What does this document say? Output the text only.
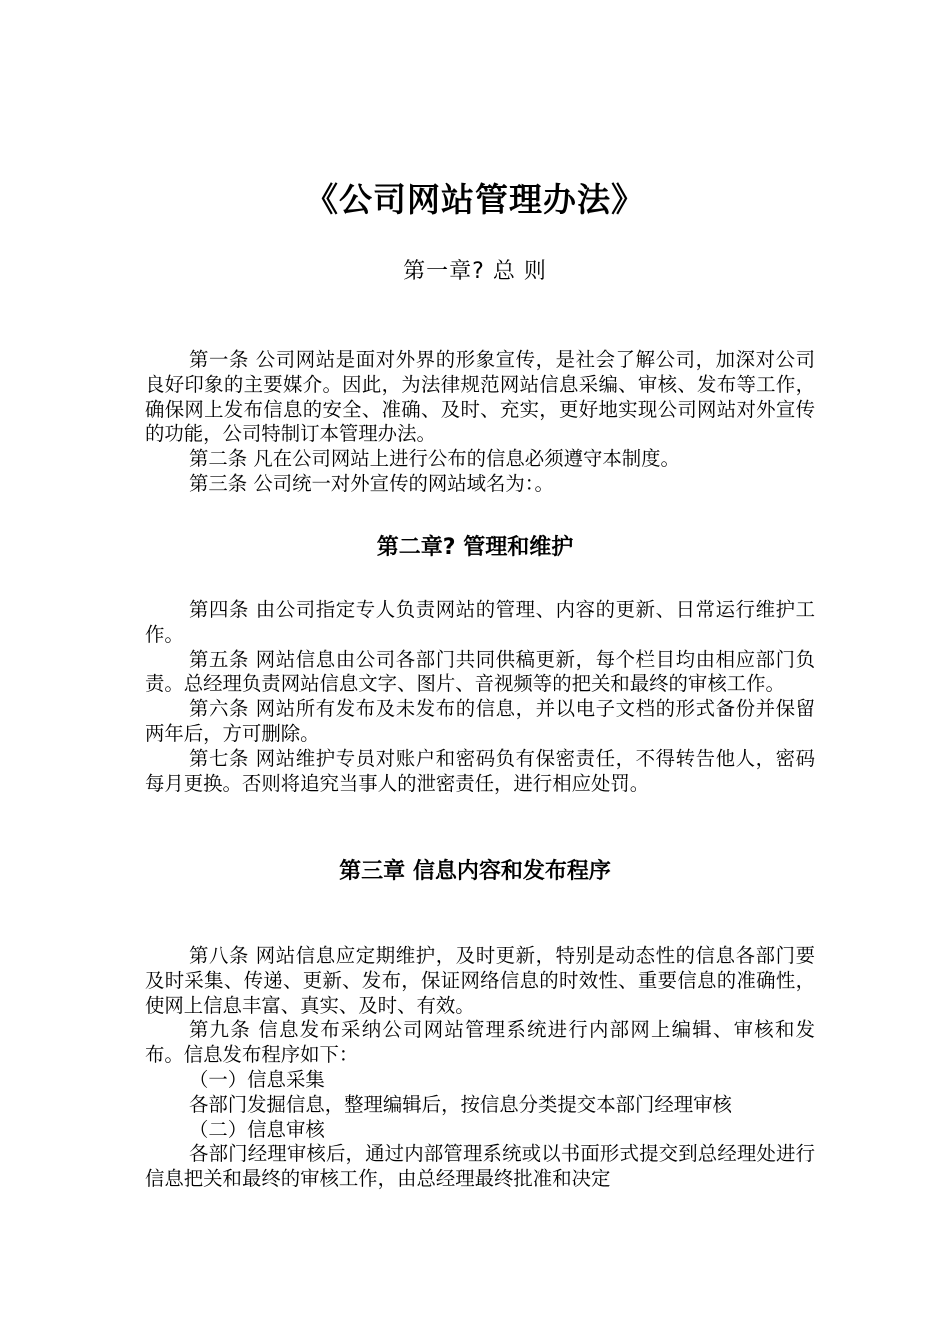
《公司网站管理办法》
第一章? 总 则

第一条 公司网站是面对外界的形象宣传，是社会了解公司，加深对公司良好印象的主要媒介。因此，为法律规范网站信息采编、审核、发布等工作，确保网上发布信息的安全、准确、及时、充实，更好地实现公司网站对外宣传的功能，公司特制订本管理办法。

第二条 凡在公司网站上进行公布的信息必须遵守本制度。

第三条 公司统一对外宣传的网站域名为：。

第二章? 管理和维护

第四条 由公司指定专人负责网站的管理、内容的更新、日常运行维护工作。

第五条 网站信息由公司各部门共同供稿更新，每个栏目均由相应部门负责。总经理负责网站信息文字、图片、音视频等的把关和最终的审核工作。

第六条 网站所有发布及未发布的信息，并以电子文档的形式备份并保留两年后，方可删除。

第七条 网站维护专员对账户和密码负有保密责任，不得转告他人，密码每月更换。否则将追究当事人的泄密责任，进行相应处罚。

第三章 信息内容和发布程序

第八条 网站信息应定期维护，及时更新，特别是动态性的信息各部门要及时采集、传递、更新、发布，保证网络信息的时效性、重要信息的准确性，使网上信息丰富、真实、及时、有效。

第九条 信息发布采纳公司网站管理系统进行内部网上编辑、审核和发布。信息发布程序如下：

（一）信息采集

各部门发掘信息，整理编辑后，按信息分类提交本部门经理审核

（二）信息审核

各部门经理审核后，通过内部管理系统或以书面形式提交到总经理处进行信息把关和最终的审核工作，由总经理最终批准和决定
